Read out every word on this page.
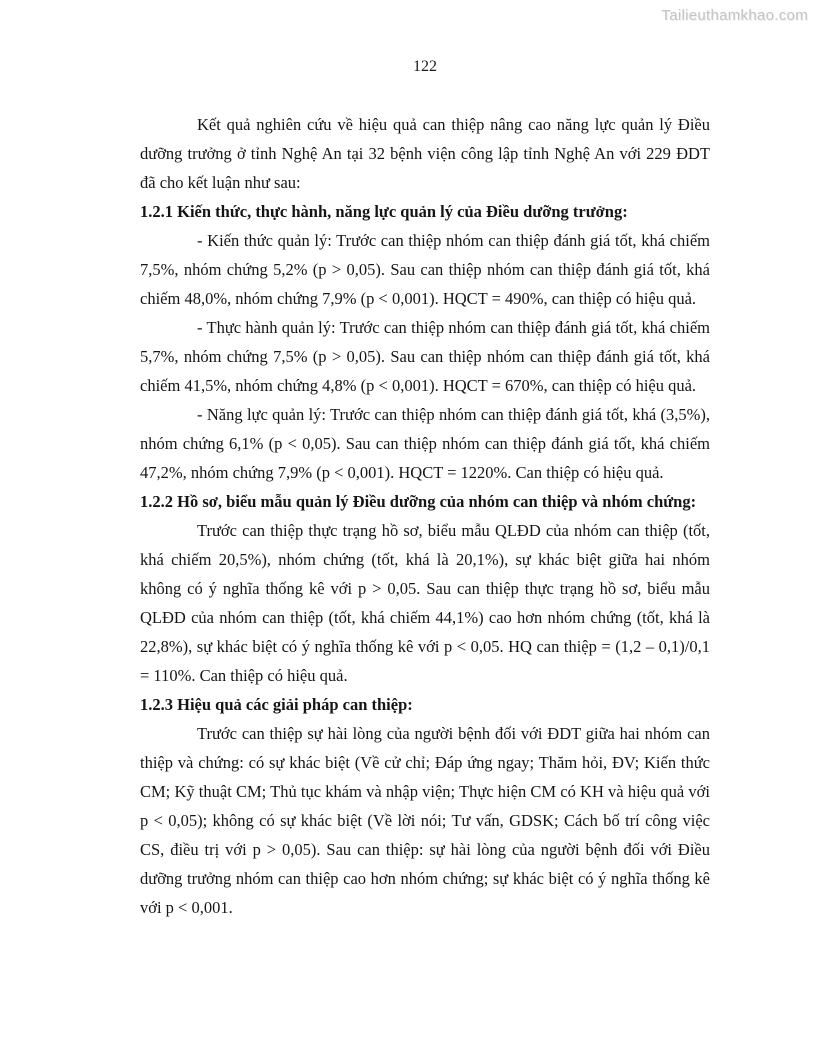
Tailieuthamkhao.com
122

Kết quả nghiên cứu về hiệu quả can thiệp nâng cao năng lực quản lý Điều dưỡng trưởng ở tỉnh Nghệ An tại 32 bệnh viện công lập tỉnh Nghệ An với 229 ĐDT đã cho kết luận như sau:

1.2.1 Kiến thức, thực hành, năng lực quản lý của Điều dưỡng trưởng:

- Kiến thức quản lý: Trước can thiệp nhóm can thiệp đánh giá tốt, khá chiếm 7,5%, nhóm chứng 5,2% (p > 0,05). Sau can thiệp nhóm can thiệp đánh giá tốt, khá chiếm 48,0%, nhóm chứng 7,9% (p < 0,001). HQCT = 490%, can thiệp có hiệu quả.

- Thực hành quản lý: Trước can thiệp nhóm can thiệp đánh giá tốt, khá chiếm 5,7%, nhóm chứng 7,5% (p > 0,05). Sau can thiệp nhóm can thiệp đánh giá tốt, khá chiếm 41,5%, nhóm chứng 4,8% (p < 0,001). HQCT = 670%, can thiệp có hiệu quả.

- Năng lực quản lý: Trước can thiệp nhóm can thiệp đánh giá tốt, khá (3,5%), nhóm chứng 6,1% (p < 0,05). Sau can thiệp nhóm can thiệp đánh giá tốt, khá chiếm 47,2%, nhóm chứng 7,9% (p < 0,001). HQCT = 1220%. Can thiệp có hiệu quả.

1.2.2 Hồ sơ, biểu mẫu quản lý Điều dưỡng của nhóm can thiệp và nhóm chứng:

Trước can thiệp thực trạng hồ sơ, biểu mẫu QLĐD của nhóm can thiệp (tốt, khá chiếm 20,5%), nhóm chứng (tốt, khá là 20,1%), sự khác biệt giữa hai nhóm không có ý nghĩa thống kê với p > 0,05. Sau can thiệp thực trạng hồ sơ, biểu mẫu QLĐD của nhóm can thiệp (tốt, khá chiếm 44,1%) cao hơn nhóm chứng (tốt, khá là 22,8%), sự khác biệt có ý nghĩa thống kê với p < 0,05. HQ can thiệp = (1,2 – 0,1)/0,1 = 110%. Can thiệp có hiệu quả.

1.2.3 Hiệu quả các giải pháp can thiệp:

Trước can thiệp sự hài lòng của người bệnh đối với ĐDT giữa hai nhóm can thiệp và chứng: có sự khác biệt (Về cử chỉ; Đáp ứng ngay; Thăm hỏi, ĐV; Kiến thức CM; Kỹ thuật CM; Thủ tục khám và nhập viện; Thực hiện CM có KH và hiệu quả với p < 0,05); không có sự khác biệt (Về lời nói; Tư vấn, GDSK; Cách bố trí công việc CS, điều trị với p > 0,05). Sau can thiệp: sự hài lòng của người bệnh đối với Điều dưỡng trưởng nhóm can thiệp cao hơn nhóm chứng; sự khác biệt có ý nghĩa thống kê với p < 0,001.
